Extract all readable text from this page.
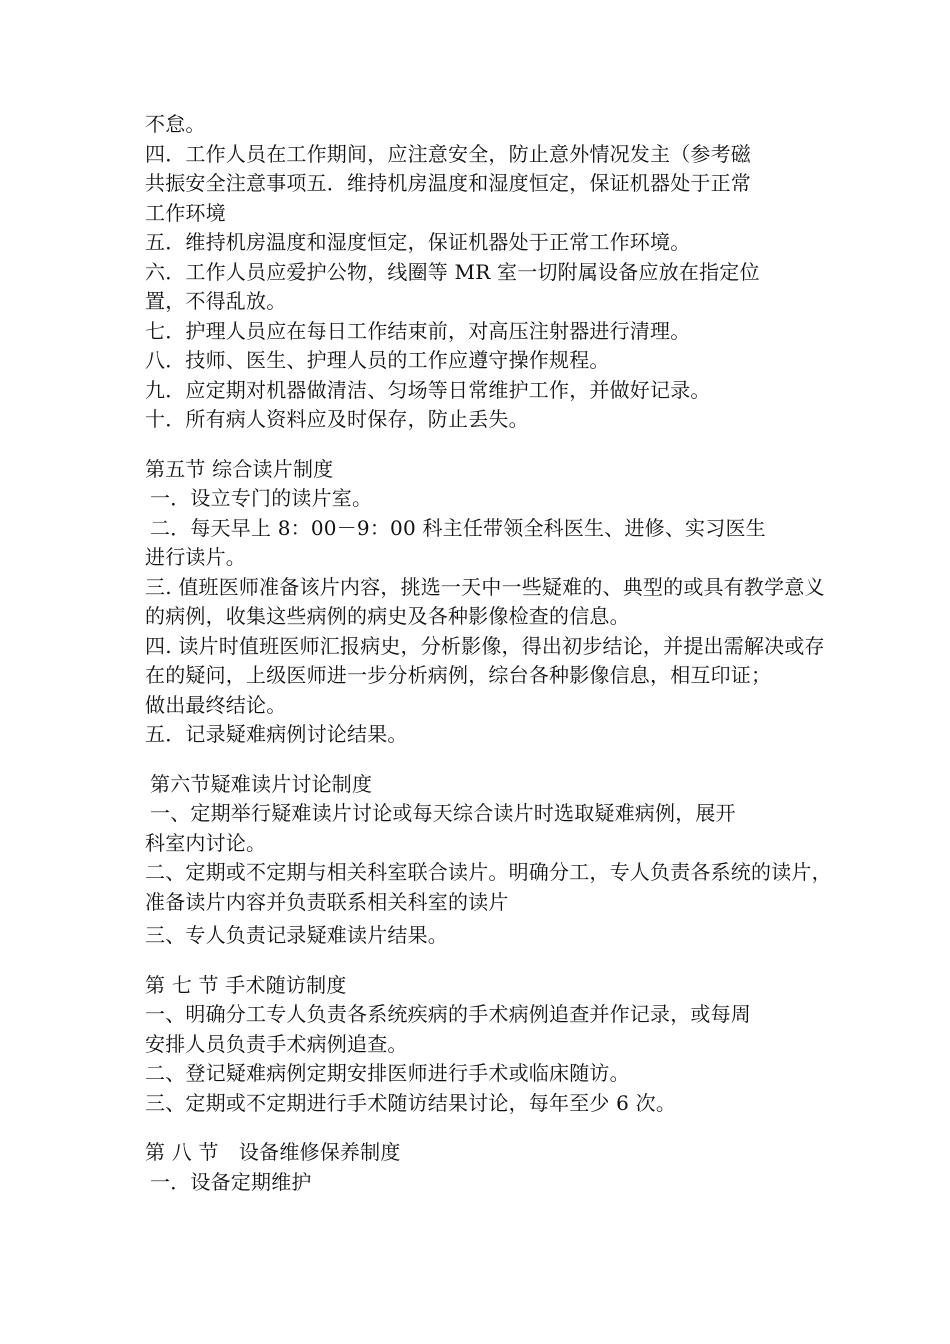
不怠。
四．工作人员在工作期间，应注意安全，防止意外情况发主（参考磁
共振安全注意事项五．维持机房温度和湿度恒定，保证机器处于正常
工作环境
五．维持机房温度和湿度恒定，保证机器处于正常工作环境。
六．工作人员应爱护公物，线圈等 MR 室一切附属设备应放在指定位
置，不得乱放。
七．护理人员应在每日工作结束前，对高压注射器进行清理。
八．技师、医生、护理人员的工作应遵守操作规程。
九．应定期对机器做清洁、匀场等日常维护工作，并做好记录。
十．所有病人资料应及时保存，防止丢失。
第五节 综合读片制度
一．设立专门的读片室。
二．每天早上 8：00－9：00 科主任带领全科医生、进修、实习医生
进行读片。
三. 值班医师准备该片内容，挑选一天中一些疑难的、典型的或具有教学意义
的病例，收集这些病例的病史及各种影像检查的信息。
四. 读片时值班医师汇报病史，分析影像，得出初步结论，并提出需解决或存
在的疑问，上级医师进一步分析病例，综台各种影像信息，相互印证；
做出最终结论。
五．记录疑难病例讨论结果。
第六节疑难读片讨论制度
一、定期举行疑难读片讨论或每天综合读片时选取疑难病例，展开
科室内讨论。
二、定期或不定期与相关科室联合读片。明确分工，专人负责各系统的读片，
准备读片内容并负责联系相关科室的读片
三、专人负责记录疑难读片结果。
第 七 节 手术随访制度
一、明确分工专人负责各系统疾病的手术病例追查并作记录，或每周
安排人员负责手术病例追查。
二、登记疑难病例定期安排医师进行手术或临床随访。
三、定期或不定期进行手术随访结果讨论，每年至少 6 次。
第 八 节　设备维修保养制度
一．设备定期维护
